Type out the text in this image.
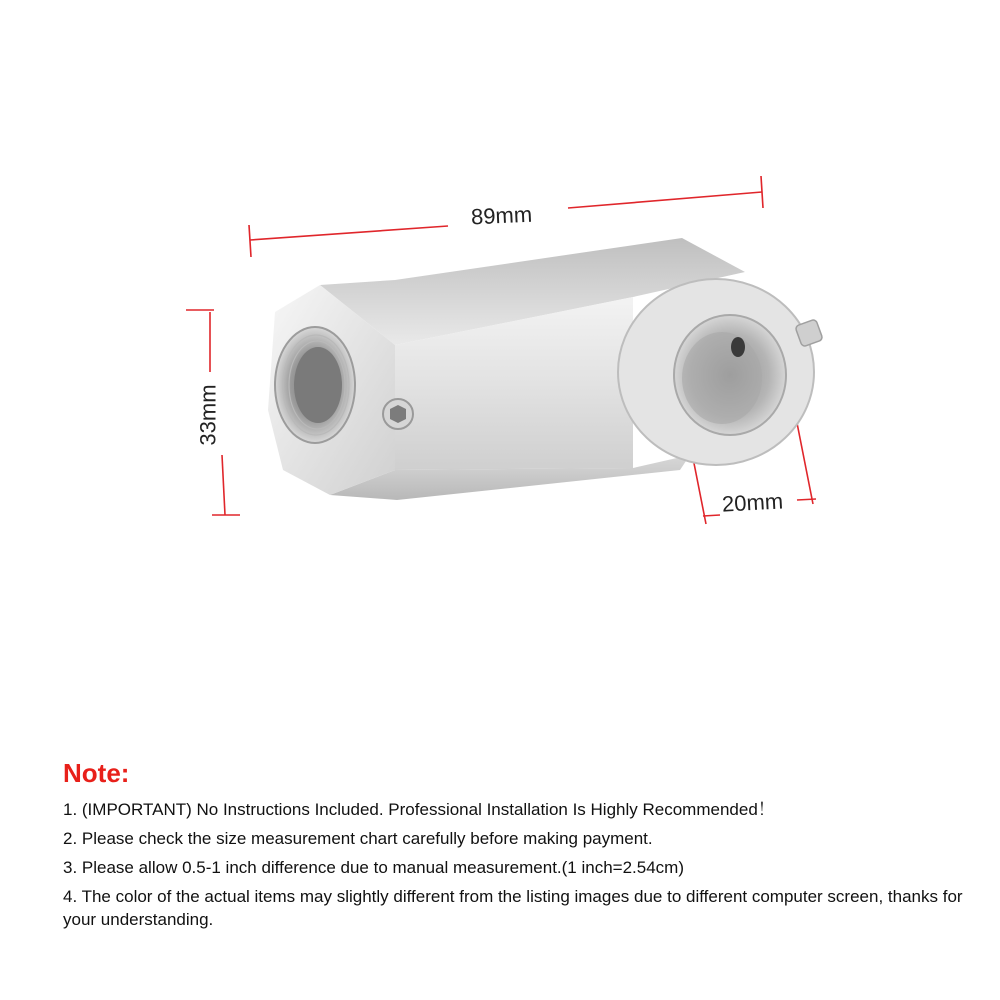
89mm
33mm
20mm
Note:
1. (IMPORTANT) No Instructions Included. Professional Installation Is Highly Recommended！
2. Please check the size measurement chart carefully before making payment.
3. Please allow 0.5-1 inch difference due to manual measurement.(1 inch=2.54cm)
4. The color of the actual items may slightly different from the listing images due to different computer screen, thanks for your understanding.
